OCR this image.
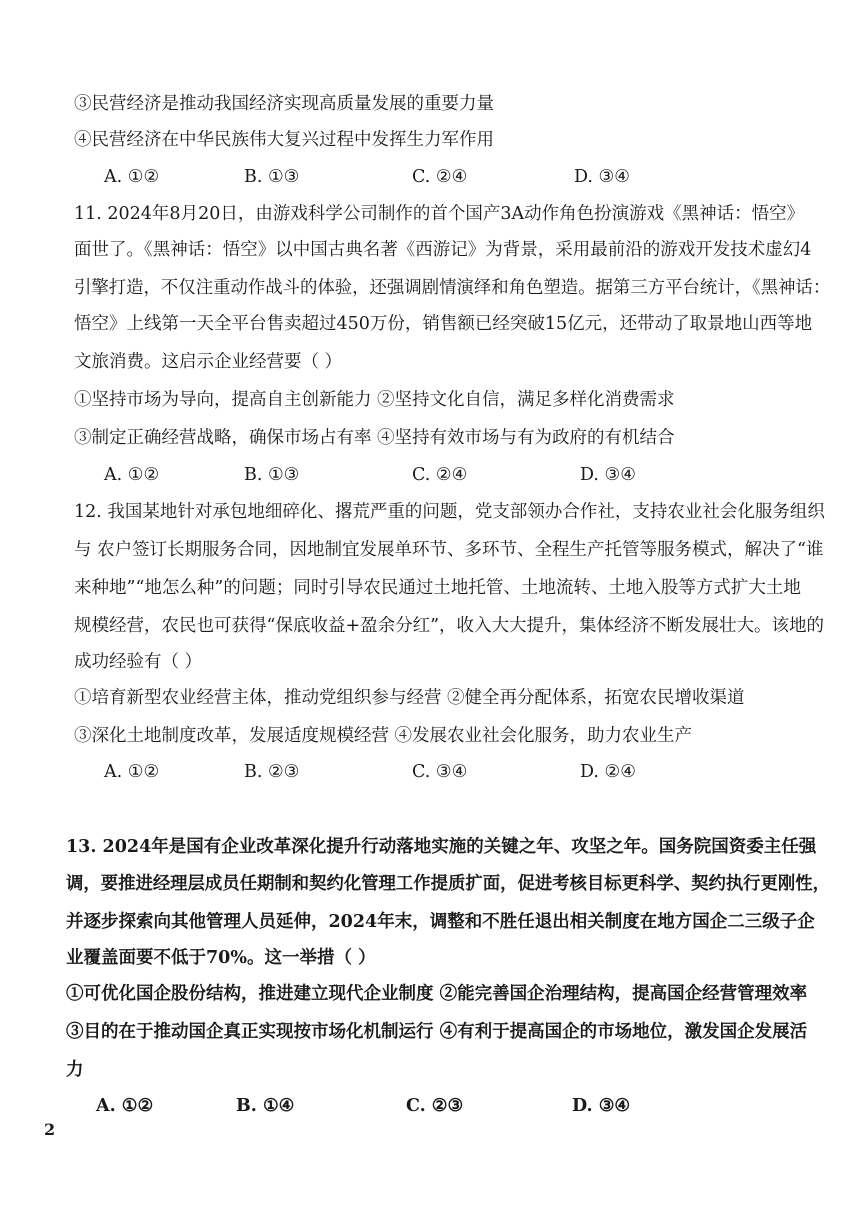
③民营经济是推动我国经济实现高质量发展的重要力量
④民营经济在中华民族伟大复兴过程中发挥生力军作用
A. ①②	B. ①③	C. ②④	D. ③④
11. 2024年8月20日，由游戏科学公司制作的首个国产3A动作角色扮演游戏《黑神话：悟空》
面世了。《黑神话：悟空》以中国古典名著《西游记》为背景，采用最前沿的游戏开发技术虚幻4
引擎打造，不仅注重动作战斗的体验，还强调剧情演绎和角色塑造。据第三方平台统计，《黑神话：
悟空》上线第一天全平台售卖超过450万份，销售额已经突破15亿元，还带动了取景地山西等地
文旅消费。这启示企业经营要（ ）
①坚持市场为导向，提高自主创新能力 ②坚持文化自信，满足多样化消费需求
③制定正确经营战略，确保市场占有率 ④坚持有效市场与有为政府的有机结合
A. ①②	B. ①③	C. ②④	D. ③④
12. 我国某地针对承包地细碎化、撂荒严重的问题，党支部领办合作社，支持农业社会化服务组织
与 农户签订长期服务合同，因地制宜发展单环节、多环节、全程生产托管等服务模式，解决了“谁
来种地”“地怎么种”的问题；同时引导农民通过土地托管、土地流转、土地入股等方式扩大土地
规模经营，农民也可获得“保底收益+盈余分红”，收入大大提升，集体经济不断发展壮大。该地的
成功经验有（ ）
①培育新型农业经营主体，推动党组织参与经营 ②健全再分配体系，拓宽农民增收渠道
③深化土地制度改革，发展适度规模经营 ④发展农业社会化服务，助力农业生产
A. ①②	B. ②③	C. ③④	D. ②④
13. 2024年是国有企业改革深化提升行动落地实施的关键之年、攻坚之年。国务院国资委主任强
调，要推进经理层成员任期制和契约化管理工作提质扩面，促进考核目标更科学、契约执行更刚性，
并逐步探索向其他管理人员延伸，2024年末，调整和不胜任退出相关制度在地方国企二三级子企
业覆盖面要不低于70%。这一举措（ ）
①可优化国企股份结构，推进建立现代企业制度 ②能完善国企治理结构，提高国企经营管理效率
③目的在于推动国企真正实现按市场化机制运行 ④有利于提高国企的市场地位，激发国企发展活
力
A. ①②	B. ①④	C. ②③	D. ③④
2
